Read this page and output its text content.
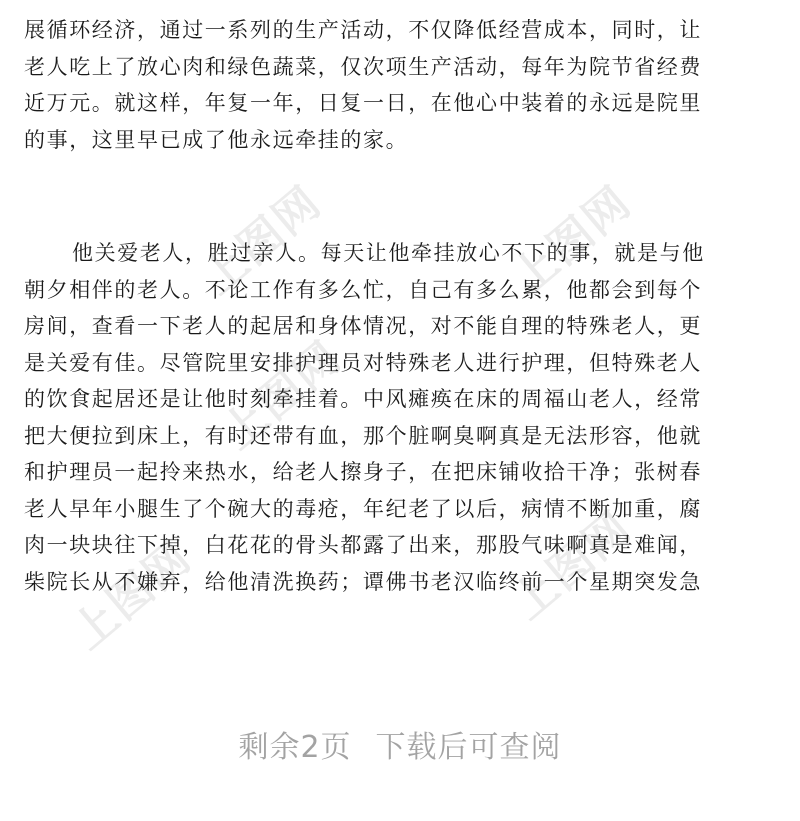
上图网	上图网
上图网
上图网
上图网

展循环经济，通过一系列的生产活动，不仅降低经营成本，同时，让
老人吃上了放心肉和绿色蔬菜，仅次项生产活动，每年为院节省经费
近万元。就这样，年复一年，日复一日，在他心中装着的永远是院里
的事，这里早已成了他永远牵挂的家。

他关爱老人，胜过亲人。每天让他牵挂放心不下的事，就是与他
朝夕相伴的老人。不论工作有多么忙，自己有多么累，他都会到每个
房间，查看一下老人的起居和身体情况，对不能自理的特殊老人，更
是关爱有佳。尽管院里安排护理员对特殊老人进行护理，但特殊老人
的饮食起居还是让他时刻牵挂着。中风瘫痪在床的周福山老人，经常
把大便拉到床上，有时还带有血，那个脏啊臭啊真是无法形容，他就
和护理员一起拎来热水，给老人擦身子，在把床铺收拾干净；张树春
老人早年小腿生了个碗大的毒疮，年纪老了以后，病情不断加重，腐
肉一块块往下掉，白花花的骨头都露了出来，那股气味啊真是难闻，
柴院长从不嫌弃，给他清洗换药；谭佛书老汉临终前一个星期突发急

剩余2页 下载后可查阅
